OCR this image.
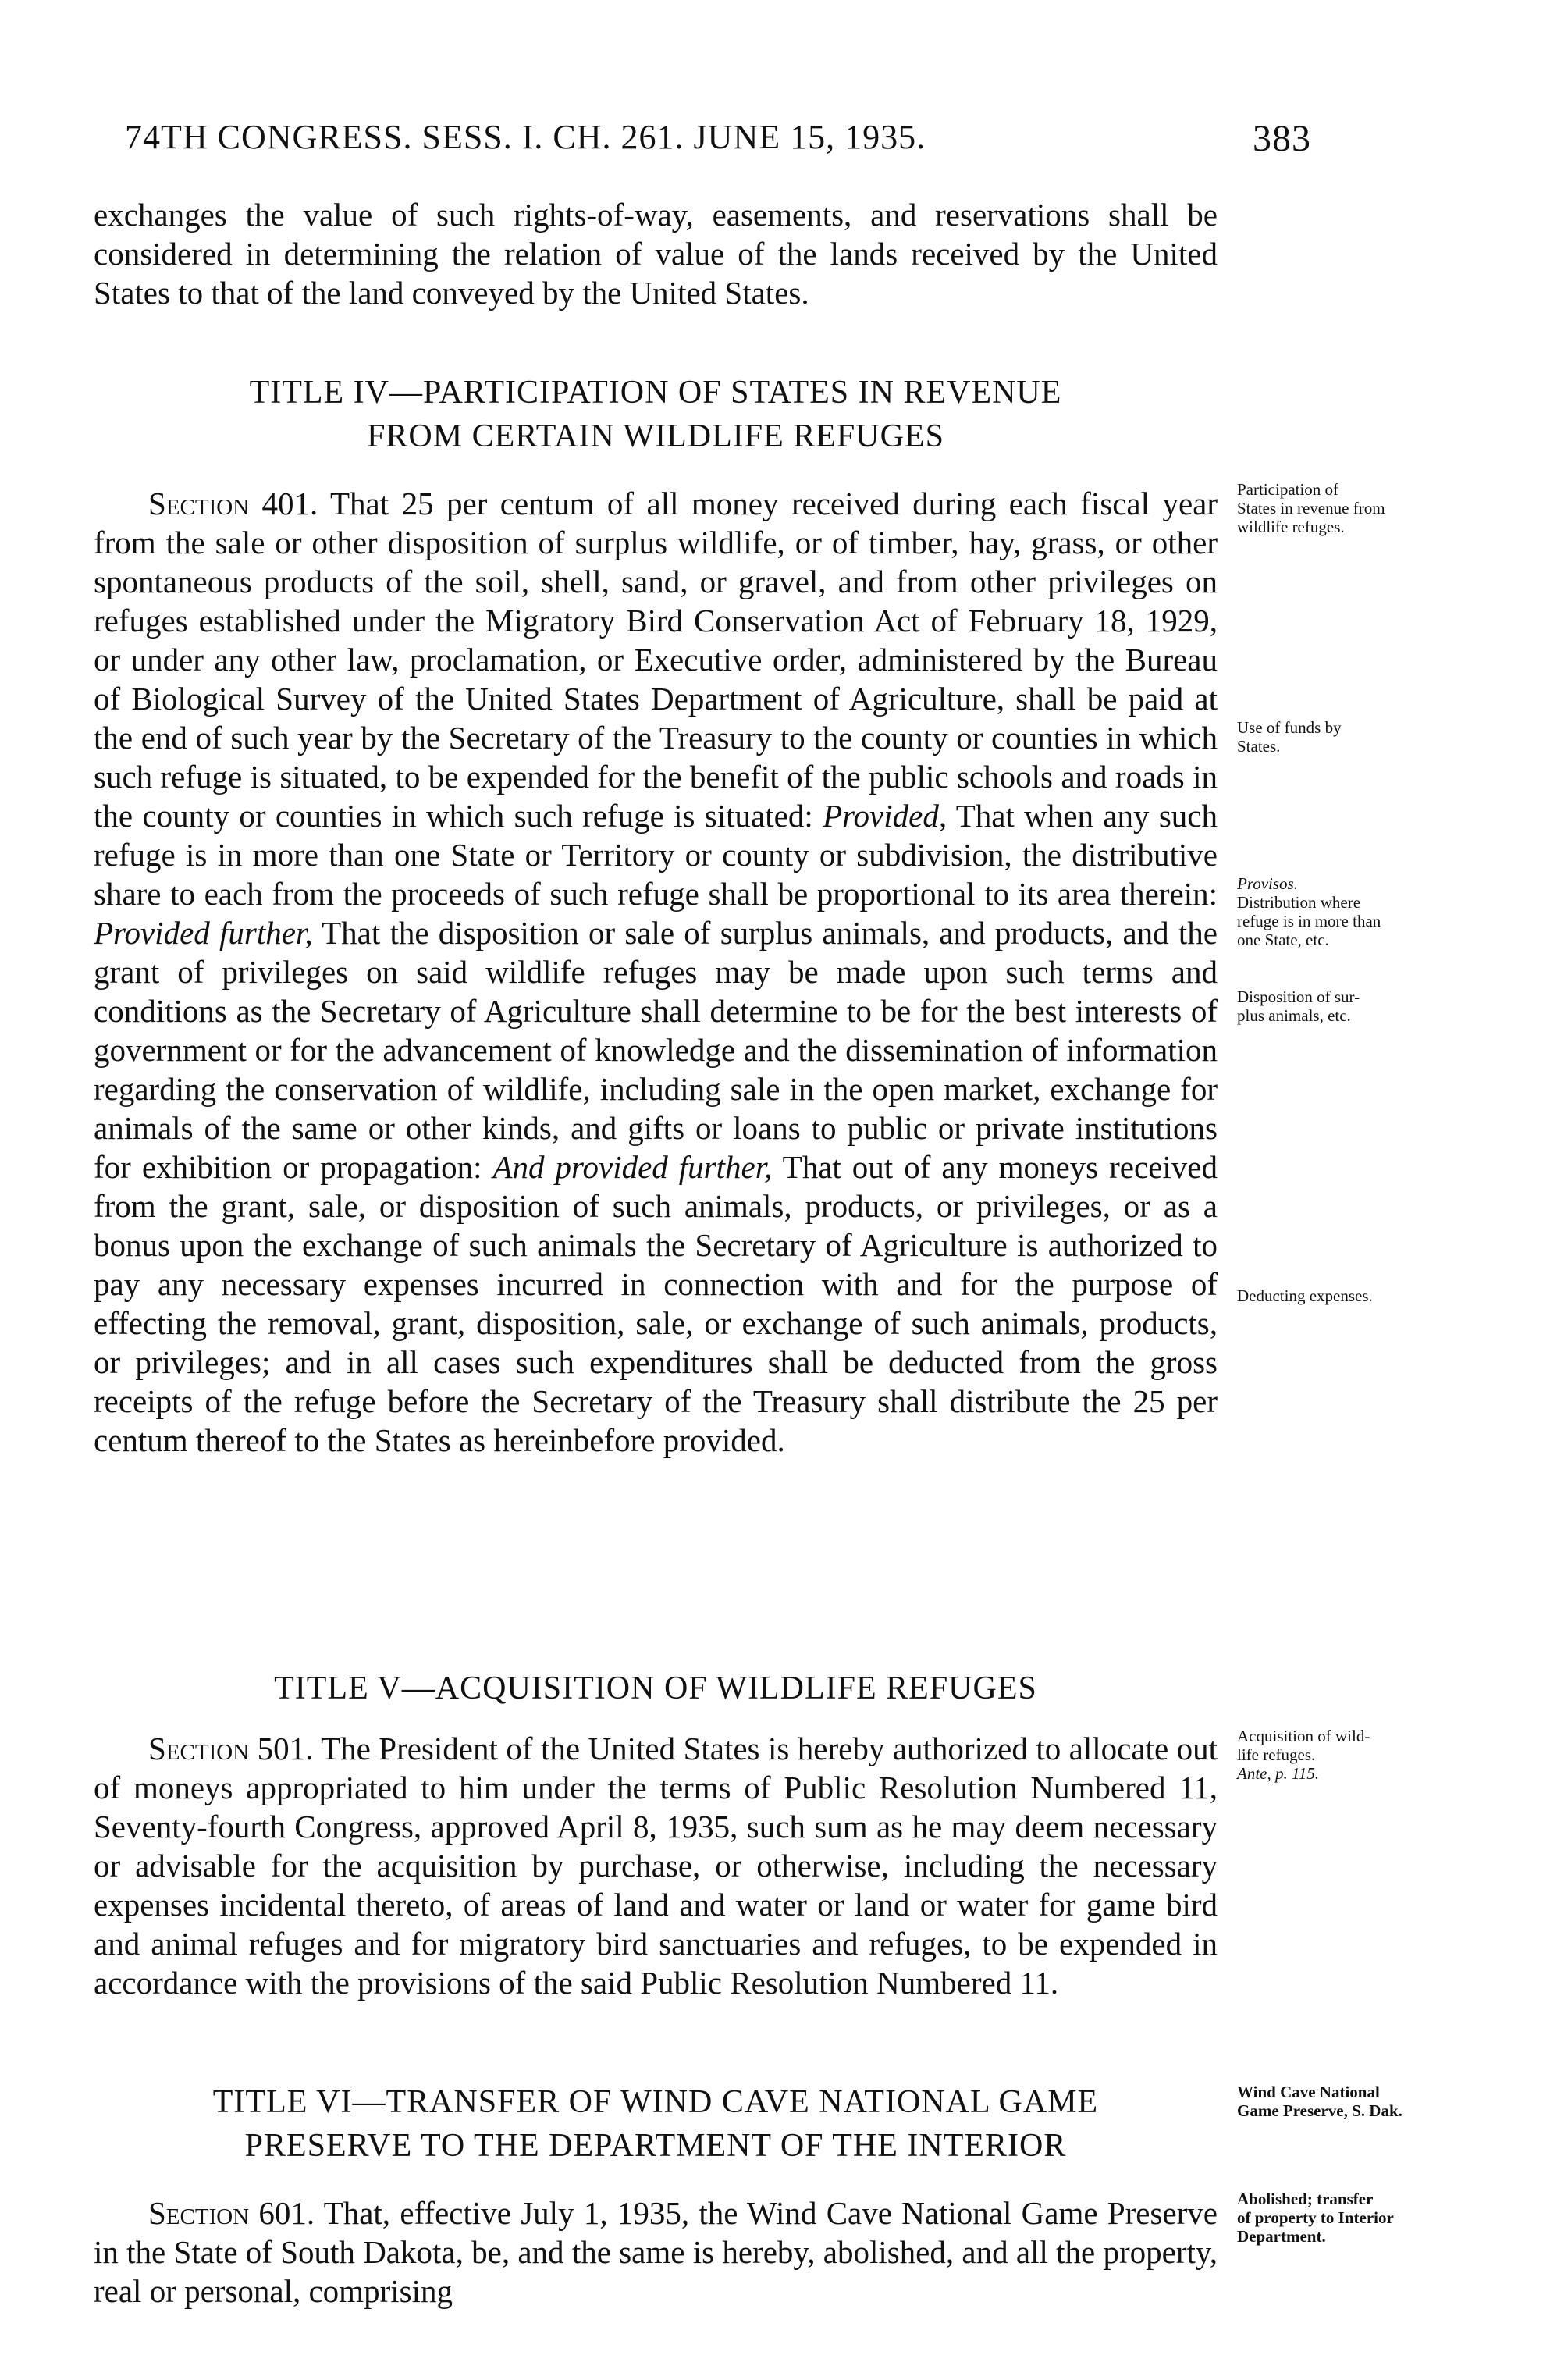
74TH CONGRESS. SESS. I. CH. 261. JUNE 15, 1935.	383

exchanges the value of such rights-of-way, easements, and reservations shall be considered in determining the relation of value of the lands received by the United States to that of the land conveyed by the United States.

TITLE IV—PARTICIPATION OF STATES IN REVENUE
FROM CERTAIN WILDLIFE REFUGES

Section 401. That 25 per centum of all money received during each fiscal year from the sale or other disposition of surplus wildlife, or of timber, hay, grass, or other spontaneous products of the soil, shell, sand, or gravel, and from other privileges on refuges established under the Migratory Bird Conservation Act of February 18, 1929, or under any other law, proclamation, or Executive order, administered by the Bureau of Biological Survey of the United States Department of Agriculture, shall be paid at the end of such year by the Secretary of the Treasury to the county or counties in which such refuge is situated, to be expended for the benefit of the public schools and roads in the county or counties in which such refuge is situated: Provided, That when any such refuge is in more than one State or Territory or county or subdivision, the distributive share to each from the proceeds of such refuge shall be proportional to its area therein: Provided further, That the disposition or sale of surplus animals, and products, and the grant of privileges on said wildlife refuges may be made upon such terms and conditions as the Secretary of Agriculture shall determine to be for the best interests of government or for the advancement of knowledge and the dissemination of information regarding the conservation of wildlife, including sale in the open market, exchange for animals of the same or other kinds, and gifts or loans to public or private institutions for exhibition or propagation: And provided further, That out of any moneys received from the grant, sale, or disposition of such animals, products, or privileges, or as a bonus upon the exchange of such animals the Secretary of Agriculture is authorized to pay any necessary expenses incurred in connection with and for the purpose of effecting the removal, grant, disposition, sale, or exchange of such animals, products, or privileges; and in all cases such expenditures shall be deducted from the gross receipts of the refuge before the Secretary of the Treasury shall distribute the 25 per centum thereof to the States as hereinbefore provided.

TITLE V—ACQUISITION OF WILDLIFE REFUGES

Section 501. The President of the United States is hereby authorized to allocate out of moneys appropriated to him under the terms of Public Resolution Numbered 11, Seventy-fourth Congress, approved April 8, 1935, such sum as he may deem necessary or advisable for the acquisition by purchase, or otherwise, including the necessary expenses incidental thereto, of areas of land and water or land or water for game bird and animal refuges and for migratory bird sanctuaries and refuges, to be expended in accordance with the provisions of the said Public Resolution Numbered 11.

TITLE VI—TRANSFER OF WIND CAVE NATIONAL GAME
PRESERVE TO THE DEPARTMENT OF THE INTERIOR

Section 601. That, effective July 1, 1935, the Wind Cave National Game Preserve in the State of South Dakota, be, and the same is hereby, abolished, and all the property, real or personal, comprising

Participation of
States in revenue from
wildlife refuges.
Use of funds by
States.
Provisos.
Distribution where
refuge is in more than
one State, etc.
Disposition of sur-
plus animals, etc.
Deducting expenses.
Acquisition of wild-
life refuges.
Ante, p. 115.
Wind Cave National
Game Preserve, S. Dak.
Abolished; transfer
of property to Interior
Department.
